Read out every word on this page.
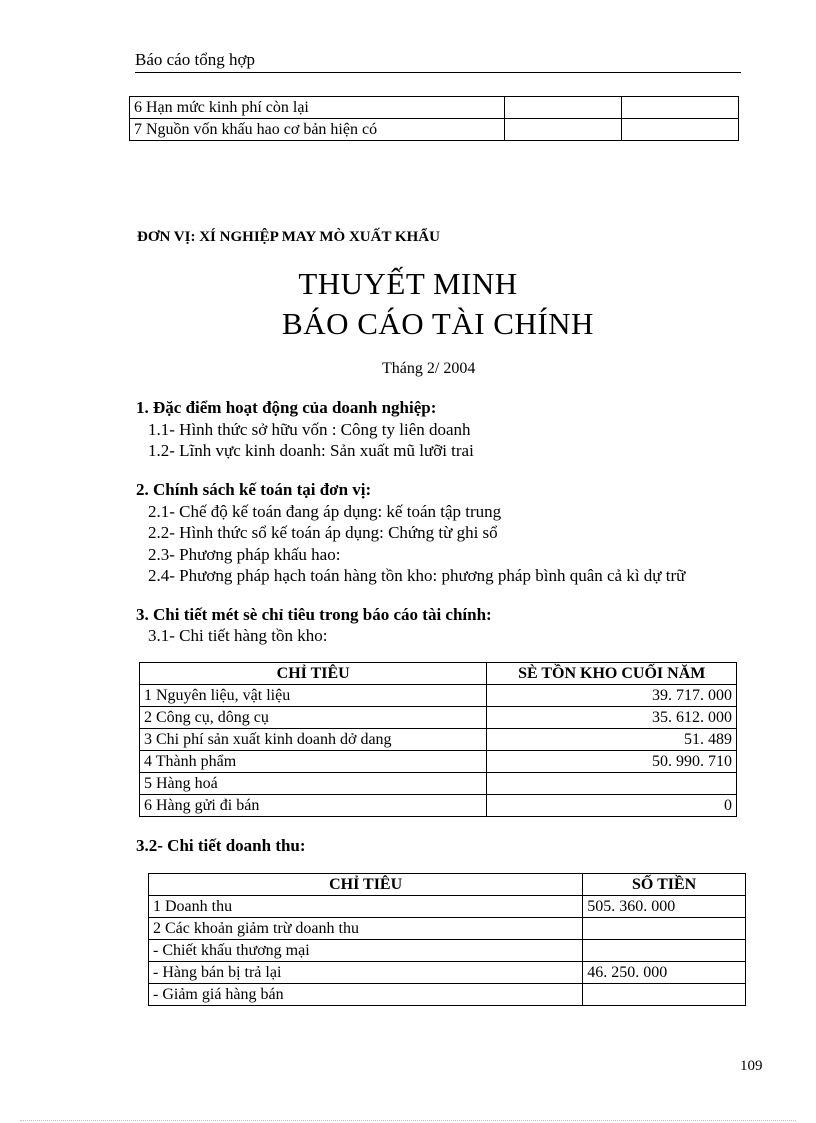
Báo cáo tổng hợp
6 Hạn mức kinh phí còn lại		
7 Nguồn vốn khấu hao cơ bản hiện có		
ĐƠN VỊ: XÍ NGHIỆP MAY MÒ XUẤT KHẨU
THUYẾT MINH
BÁO CÁO TÀI CHÍNH
Tháng 2/ 2004
1. Đặc điểm hoạt động của doanh nghiệp:
1.1- Hình thức sở hữu vốn : Công ty liên doanh
1.2- Lĩnh vực kinh doanh: Sản xuất mũ lưỡi trai
2. Chính sách kế toán tại đơn vị:
2.1- Chế độ kế toán đang áp dụng: kế toán tập trung
2.2- Hình thức sổ kế toán áp dụng: Chứng từ ghi sổ
2.3- Phương pháp khấu hao:
2.4- Phương pháp hạch toán hàng tồn kho: phương pháp bình quân cả kì dự trữ
3. Chi tiết mét sè chỉ tiêu trong báo cáo tài chính:
3.1- Chi tiết hàng tồn kho:
CHỈ TIÊU	SÈ TỒN KHO CUỐI NĂM
1 Nguyên liệu, vật liệu	39. 717. 000
2 Công cụ, dông cụ	35. 612. 000
3 Chi phí sản xuất kinh doanh dở dang	51. 489
4 Thành phẩm	50. 990. 710
5 Hàng hoá	
6 Hàng gửi đi bán	0
3.2- Chi tiết doanh thu:
CHỈ TIÊU	SỐ TIỀN
1 Doanh thu	505. 360. 000
2 Các khoản giảm trừ doanh thu	
- Chiết khấu thương mại	
- Hàng bán bị trả lại	46. 250. 000
- Giảm giá hàng bán	
109
